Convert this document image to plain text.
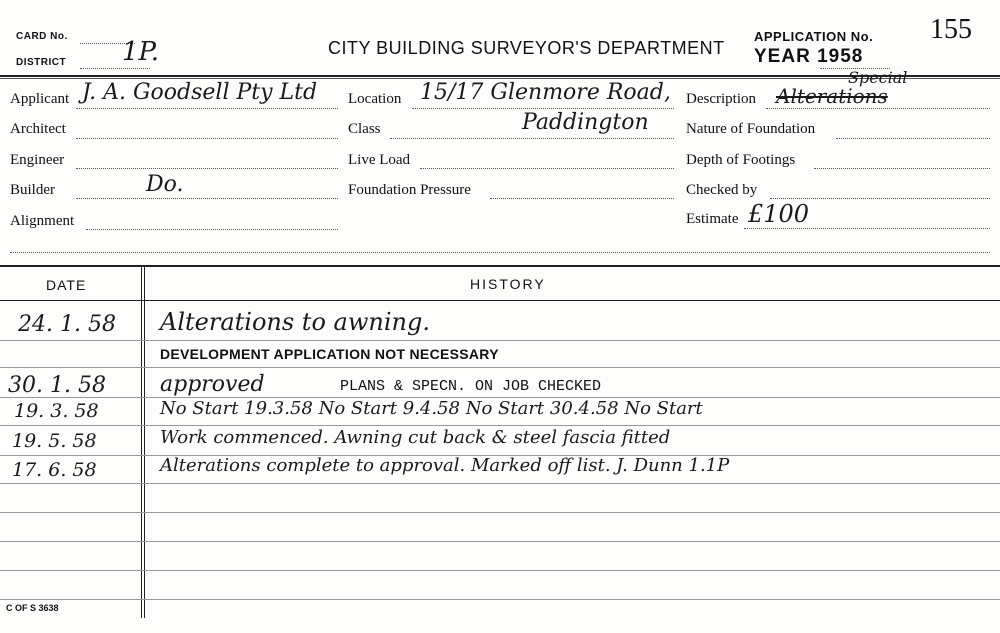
CARD No.
DISTRICT 1P.	CITY BUILDING SURVEYOR'S DEPARTMENT
APPLICATION No.
YEAR 1958
155
Applicant J. A. Goodsell Pty Ltd
Architect
Engineer
Builder	Do.
Alignment
Location 15/17 Glenmore Road,
Class	Paddington
Live Load
Foundation Pressure
Description Alterations
Special
Nature of Foundation
Depth of Footings
Checked by
Estimate £100
DATE	HISTORY
24. 1. 58 Alterations to awning.
DEVELOPMENT APPLICATION NOT NECESSARY
30. 1. 58 approved	PLANS & SPECN. ON JOB CHECKED
19. 3. 58	No Start 19.3.58 No Start 9.4.58 No Start 30.4.58 No Start
19. 5. 58	Work commenced. Awning cut back & steel fascia fitted
17. 6. 58	Alterations complete to approval. Marked off list. J. Dunn 1.1P
C OF S 3638
